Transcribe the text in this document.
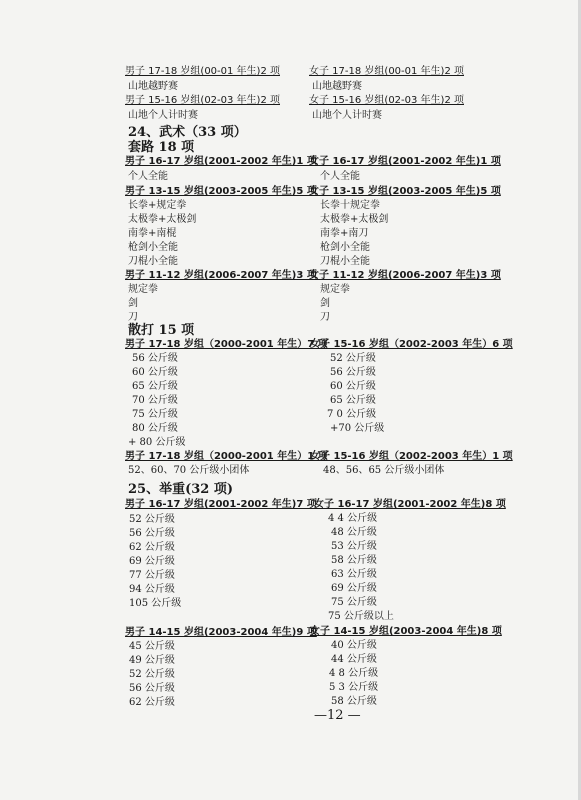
男子 17-18 岁组(00-01 年生)2 项
山地越野赛
男子 15-16 岁组(02-03 年生)2 项
山地个人计时赛
女子 17-18 岁组(00-01 年生)2 项
山地越野赛
女子 15-16 岁组(02-03 年生)2 项
山地个人计时赛
24、武术（33 项）
套路 18 项
男子 16-17 岁组(2001-2002 年生)1 项
个人全能
男子 13-15 岁组(2003-2005 年生)5 项
长拳+规定拳
太极拳+太极剑
南拳+南棍
枪剑小全能
刀棍小全能
男子 11-12 岁组(2006-2007 年生)3 项
规定拳
剑
刀
女子 16-17 岁组(2001-2002 年生)1 项
个人全能
女子 13-15 岁组(2003-2005 年生)5 项
长拳十规定拳
太极拳+太极剑
南拳+南刀
枪剑小全能
刀棍小全能
女子 11-12 岁组(2006-2007 年生)3 项
规定拳
剑
刀
散打 15 项
男子 17-18 岁组（2000-2001 年生）7 项
56 公斤级
60 公斤级
65 公斤级
70 公斤级
75 公斤级
80 公斤级
+ 80 公斤级
男子 17-18 岁组（2000-2001 年生）1 项
52、60、70 公斤级小团体
女子 15-16 岁组（2002-2003 年生）6 项
52 公斤级
56 公斤级
60 公斤级
65 公斤级
7 0 公斤级
+70 公斤级
女子 15-16 岁组（2002-2003 年生）1 项
48、56、65 公斤级小团体
25、举重(32 项)
男子 16-17 岁组(2001-2002 年生)7 项
52 公斤级
56 公斤级
62 公斤级
69 公斤级
77 公斤级
94 公斤级
105 公斤级
男子 14-15 岁组(2003-2004 年生)9 项
45 公斤级
49 公斤级
52 公斤级
56 公斤级
62 公斤级
女子 16-17 岁组(2001-2002 年生)8 项
4 4 公斤级
48 公斤级
53 公斤级
58 公斤级
63 公斤级
69 公斤级
75 公斤级
75 公斤级以上
女子 14-15 岁组(2003-2004 年生)8 项
40 公斤级
44 公斤级
4 8 公斤级
5 3 公斤级
58 公斤级
—12 —
